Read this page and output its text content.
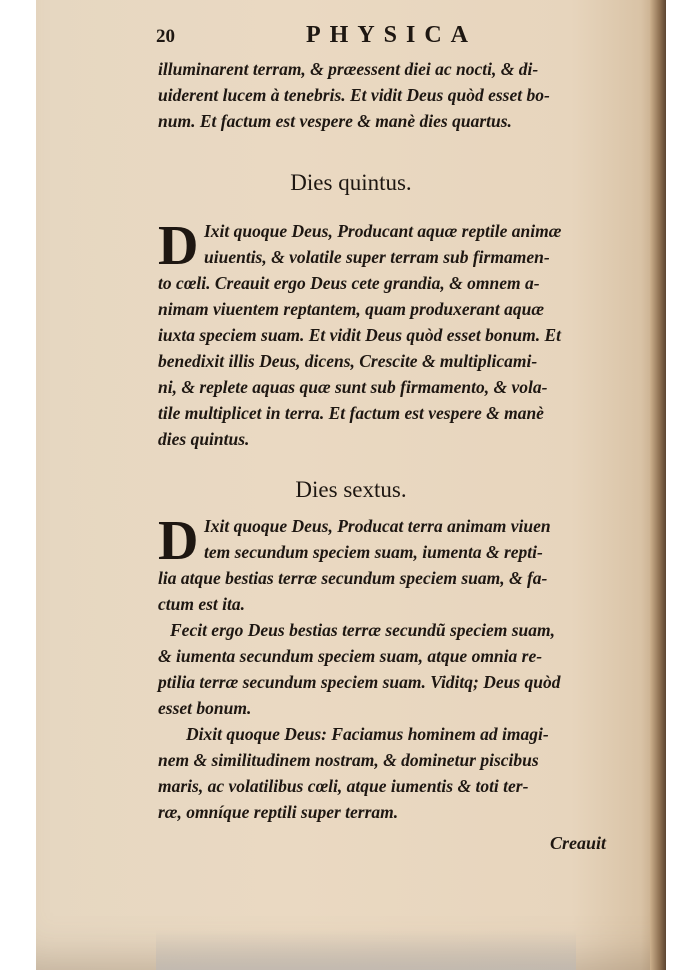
20	PHYSICA
illuminarent terram, & præessent diei ac nocti, & di-
uiderent lucem à tenebris. Et vidit Deus quòd esset bo-
num. Et factum est vespere & manè dies quartus.
Dies quintus.
D Ixit quoque Deus, Producant aquæ reptile animæ
uiuentis, & volatile super terram sub firmamen-
to cœli. Creauit ergo Deus cete grandia, & omnem a-
nimam viuentem reptantem, quam produxerant aquæ
iuxta speciem suam. Et vidit Deus quòd esset bonum. Et
benedixit illis Deus, dicens, Crescite & multiplicami-
ni, & replete aquas quæ sunt sub firmamento, & vola-
tile multiplicet in terra. Et factum est vespere & manè
dies quintus.
Dies sextus.
D Ixit quoque Deus, Producat terra animam viuen
tem secundum speciem suam, iumenta & repti-
lia atque bestias terræ secundum speciem suam, & fa-
ctum est ita.
Fecit ergo Deus bestias terræ secundũ speciem suam,
& iumenta secundum speciem suam, atque omnia re-
ptilia terræ secundum speciem suam. Viditq; Deus quòd
esset bonum.
Dixit quoque Deus: Faciamus hominem ad imagi-
nem & similitudinem nostram, & dominetur piscibus
maris, ac volatilibus cœli, atque iumentis & toti ter-
ræ, omníque reptili super terram.
Creauit
